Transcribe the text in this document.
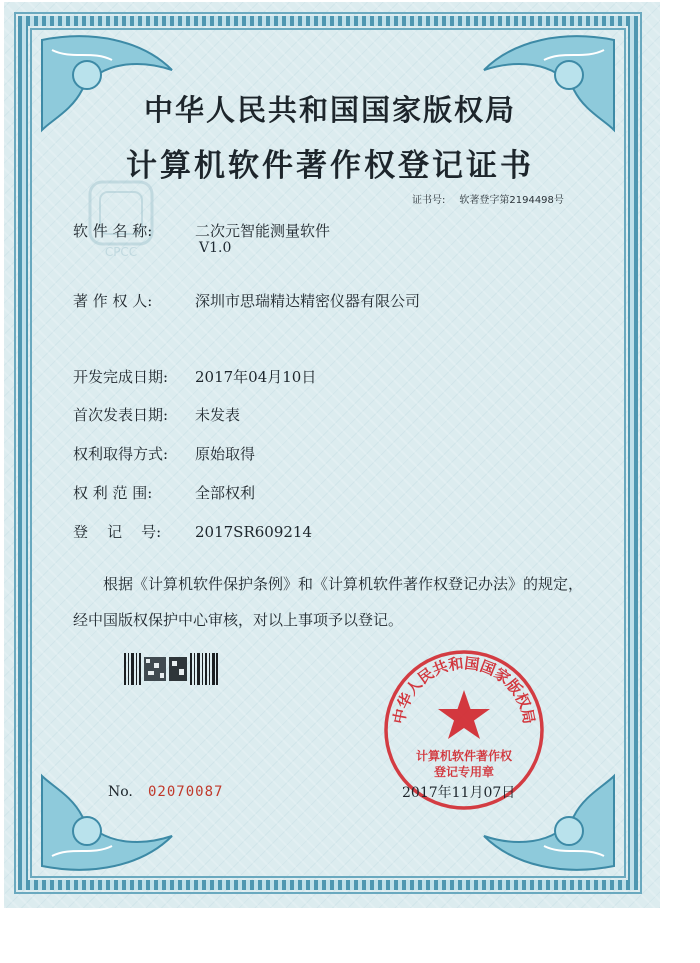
CPCC
中华人民共和国国家版权局
计算机软件著作权登记证书
证书号: 软著登字第2194498号
软 件 名 称:	二次元智能测量软件
V1.0
著 作 权 人:	深圳市思瑞精达精密仪器有限公司
开发完成日期: 2017年04月10日
首次发表日期: 未发表
权利取得方式: 原始取得
权 利 范 围:	全部权利
登    记    号: 2017SR609214
根据《计算机软件保护条例》和《计算机软件著作权登记办法》的规定，经中国版权保护中心审核，对以上事项予以登记。
中华人民共和国国家版权局
计算机软件著作权
登记专用章
No. 02070087	2017年11月07日
